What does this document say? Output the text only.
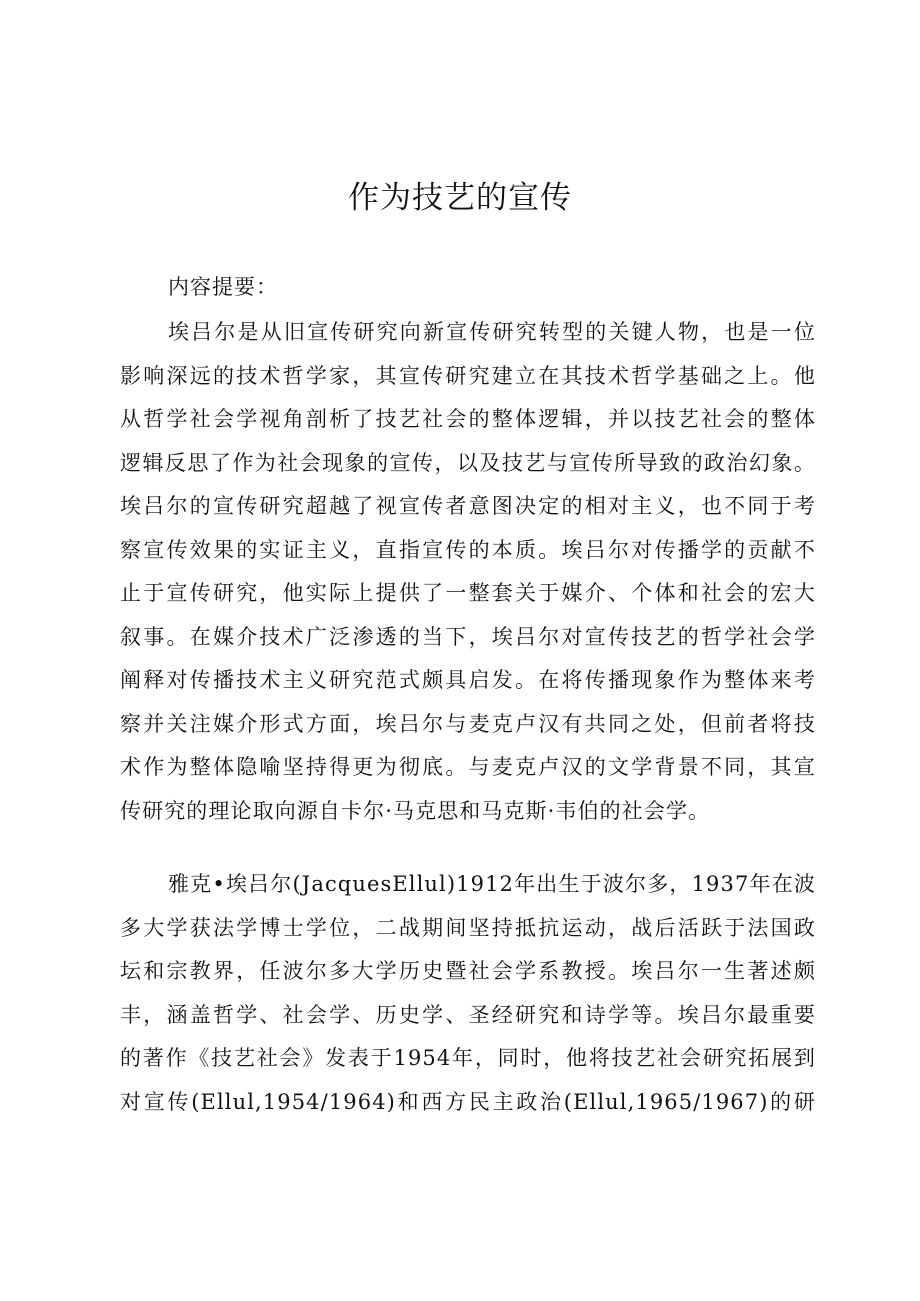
作为技艺的宣传
内容提要：
埃吕尔是从旧宣传研究向新宣传研究转型的关键人物，也是一位
影响深远的技术哲学家，其宣传研究建立在其技术哲学基础之上。他
从哲学社会学视角剖析了技艺社会的整体逻辑，并以技艺社会的整体
逻辑反思了作为社会现象的宣传，以及技艺与宣传所导致的政治幻象。
埃吕尔的宣传研究超越了视宣传者意图决定的相对主义，也不同于考
察宣传效果的实证主义，直指宣传的本质。埃吕尔对传播学的贡献不
止于宣传研究，他实际上提供了一整套关于媒介、个体和社会的宏大
叙事。在媒介技术广泛渗透的当下，埃吕尔对宣传技艺的哲学社会学
阐释对传播技术主义研究范式颇具启发。在将传播现象作为整体来考
察并关注媒介形式方面，埃吕尔与麦克卢汉有共同之处，但前者将技
术作为整体隐喻坚持得更为彻底。与麦克卢汉的文学背景不同，其宣
传研究的理论取向源自卡尔·马克思和马克斯·韦伯的社会学。
雅克•埃吕尔(JacquesEllul)1912年出生于波尔多，1937年在波
多大学获法学博士学位，二战期间坚持抵抗运动，战后活跃于法国政
坛和宗教界，任波尔多大学历史暨社会学系教授。埃吕尔一生著述颇
丰，涵盖哲学、社会学、历史学、圣经研究和诗学等。埃吕尔最重要
的著作《技艺社会》发表于1954年，同时，他将技艺社会研究拓展到
对宣传(Ellul,1954/1964)和西方民主政治(Ellul,1965/1967)的研
